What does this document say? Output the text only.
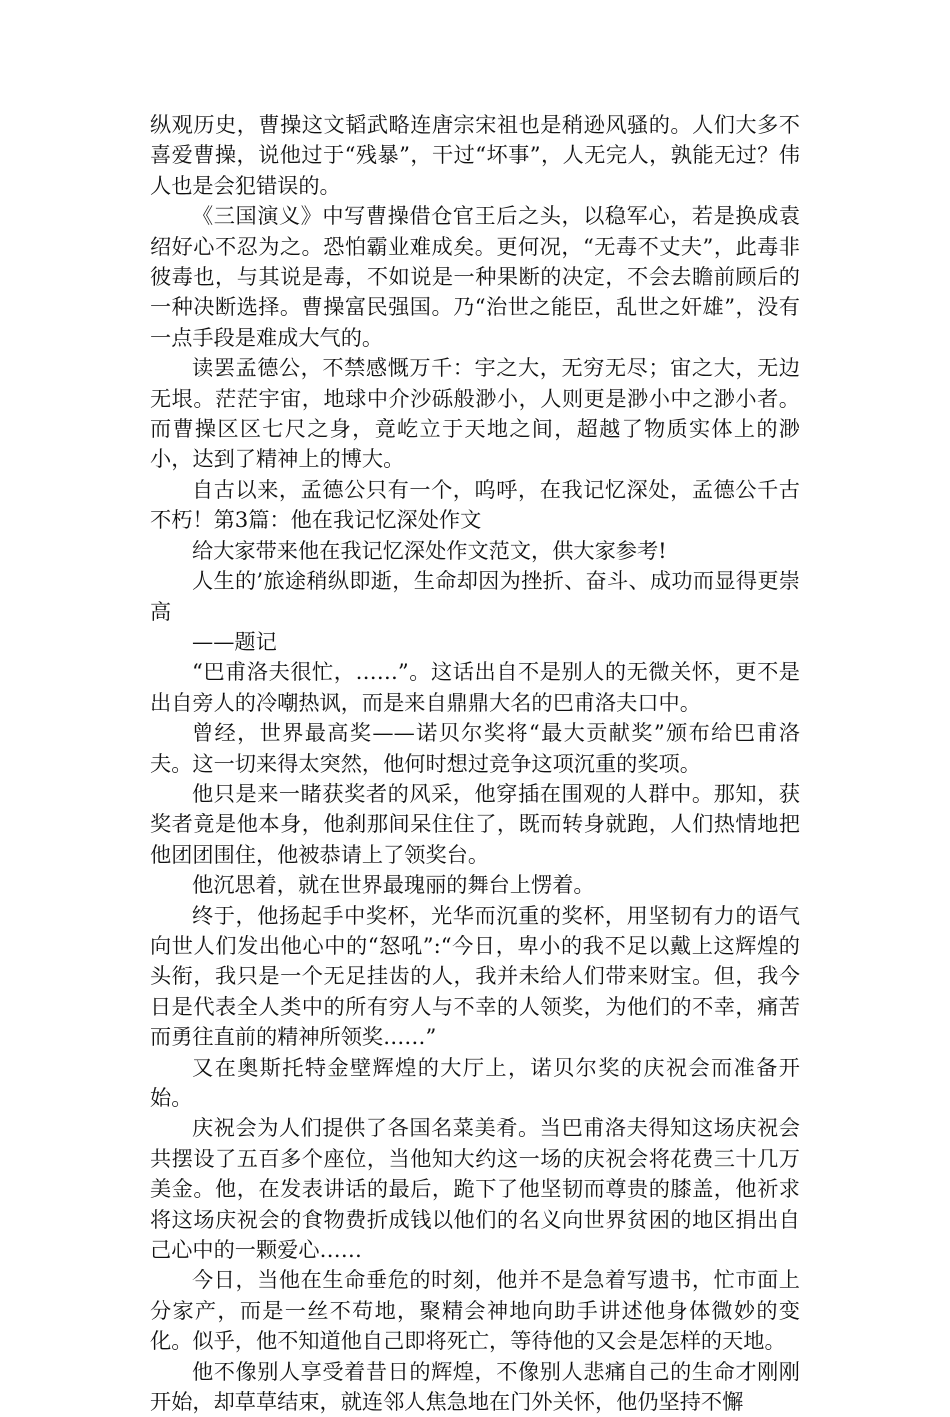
纵观历史，曹操这文韬武略连唐宗宋祖也是稍逊风骚的。人们大多不喜爱曹操，说他过于“残暴”，干过“坏事”，人无完人，孰能无过？伟人也是会犯错误的。

《三国演义》中写曹操借仓官王后之头，以稳军心，若是换成袁绍好心不忍为之。恐怕霸业难成矣。更何况，“无毒不丈夫”，此毒非彼毒也，与其说是毒，不如说是一种果断的决定，不会去瞻前顾后的一种决断选择。曹操富民强国。乃“治世之能臣，乱世之奸雄”，没有一点手段是难成大气的。

读罢孟德公，不禁感慨万千：宇之大，无穷无尽；宙之大，无边无垠。茫茫宇宙，地球中介沙砾般渺小，人则更是渺小中之渺小者。而曹操区区七尺之身，竟屹立于天地之间，超越了物质实体上的渺小，达到了精神上的博大。

自古以来，孟德公只有一个，呜呼，在我记忆深处，孟德公千古不朽！第3篇：他在我记忆深处作文

给大家带来他在我记忆深处作文范文，供大家参考!

人生的’旅途稍纵即逝，生命却因为挫折、奋斗、成功而显得更崇高

——题记

“巴甫洛夫很忙，……”。这话出自不是别人的无微关怀，更不是出自旁人的冷嘲热讽，而是来自鼎鼎大名的巴甫洛夫口中。

曾经，世界最高奖——诺贝尔奖将“最大贡献奖”颁布给巴甫洛夫。这一切来得太突然，他何时想过竞争这项沉重的奖项。

他只是来一睹获奖者的风采，他穿插在围观的人群中。那知，获奖者竟是他本身，他刹那间呆住住了，既而转身就跑，人们热情地把他团团围住，他被恭请上了领奖台。

他沉思着，就在世界最瑰丽的舞台上愣着。

终于，他扬起手中奖杯，光华而沉重的奖杯，用坚韧有力的语气向世人们发出他心中的“怒吼”:“今日，卑小的我不足以戴上这辉煌的头衔，我只是一个无足挂齿的人，我并未给人们带来财宝。但，我今日是代表全人类中的所有穷人与不幸的人领奖，为他们的不幸，痛苦而勇往直前的精神所领奖……”

又在奥斯托特金壁辉煌的大厅上，诺贝尔奖的庆祝会而准备开始。

庆祝会为人们提供了各国名菜美肴。当巴甫洛夫得知这场庆祝会共摆设了五百多个座位，当他知大约这一场的庆祝会将花费三十几万美金。他，在发表讲话的最后，跪下了他坚韧而尊贵的膝盖，他祈求将这场庆祝会的食物费折成钱以他们的名义向世界贫困的地区捐出自己心中的一颗爱心……

今日，当他在生命垂危的时刻，他并不是急着写遗书，忙市面上分家产，而是一丝不苟地，聚精会神地向助手讲述他身体微妙的变化。似乎，他不知道他自己即将死亡，等待他的又会是怎样的天地。

他不像别人享受着昔日的辉煌，不像别人悲痛自己的生命才刚刚开始，却草草结束，就连邻人焦急地在门外关怀，他仍坚持不懈
